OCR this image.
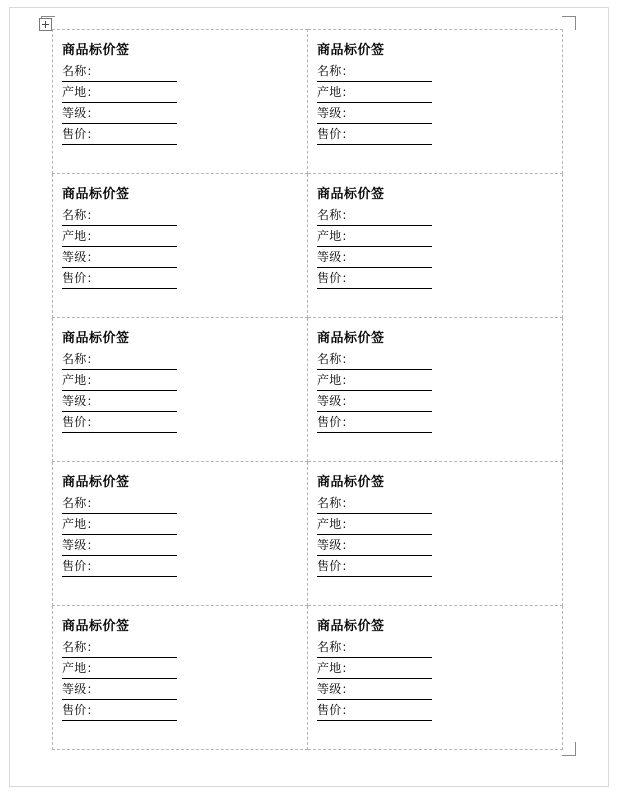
商品标价签
名称：
产地：
等级：
售价：

商品标价签
名称：
产地：
等级：
售价：

商品标价签
名称：
产地：
等级：
售价：

商品标价签
名称：
产地：
等级：
售价：

商品标价签
名称：
产地：
等级：
售价：

商品标价签
名称：
产地：
等级：
售价：

商品标价签
名称：
产地：
等级：
售价：

商品标价签
名称：
产地：
等级：
售价：

商品标价签
名称：
产地：
等级：
售价：

商品标价签
名称：
产地：
等级：
售价：
